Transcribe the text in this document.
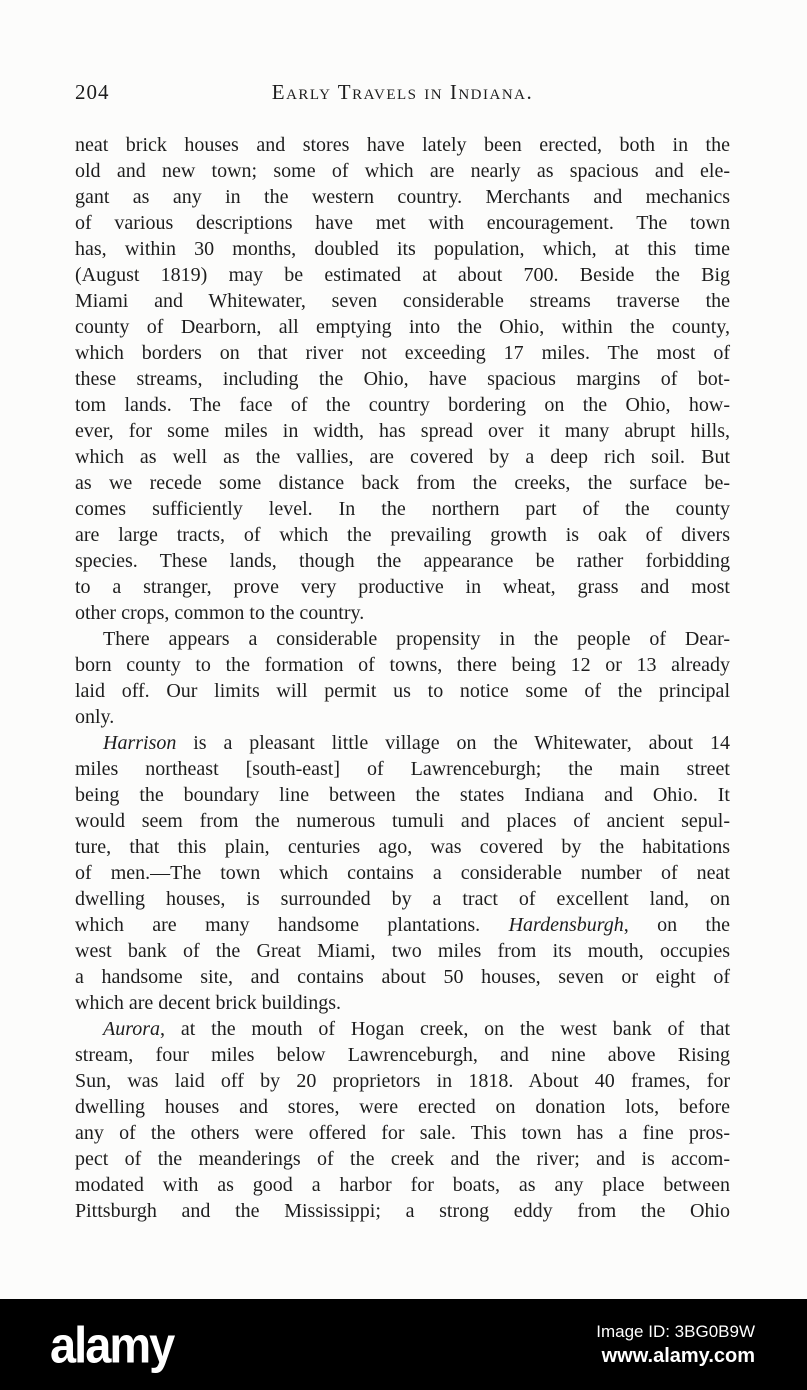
204	Early Travels in Indiana.
neat brick houses and stores have lately been erected, both in the
old and new town; some of which are nearly as spacious and ele-
gant as any in the western country. Merchants and mechanics
of various descriptions have met with encouragement. The town
has, within 30 months, doubled its population, which, at this time
(August 1819) may be estimated at about 700. Beside the Big
Miami and Whitewater, seven considerable streams traverse the
county of Dearborn, all emptying into the Ohio, within the county,
which borders on that river not exceeding 17 miles. The most of
these streams, including the Ohio, have spacious margins of bot-
tom lands. The face of the country bordering on the Ohio, how-
ever, for some miles in width, has spread over it many abrupt hills,
which as well as the vallies, are covered by a deep rich soil. But
as we recede some distance back from the creeks, the surface be-
comes sufficiently level. In the northern part of the county
are large tracts, of which the prevailing growth is oak of divers
species. These lands, though the appearance be rather forbidding
to a stranger, prove very productive in wheat, grass and most
other crops, common to the country.
There appears a considerable propensity in the people of Dear-
born county to the formation of towns, there being 12 or 13 already
laid off. Our limits will permit us to notice some of the principal
only.
Harrison is a pleasant little village on the Whitewater, about 14
miles northeast [south-east] of Lawrenceburgh; the main street
being the boundary line between the states Indiana and Ohio. It
would seem from the numerous tumuli and places of ancient sepul-
ture, that this plain, centuries ago, was covered by the habitations
of men.—The town which contains a considerable number of neat
dwelling houses, is surrounded by a tract of excellent land, on
which are many handsome plantations. Hardensburgh, on the
west bank of the Great Miami, two miles from its mouth, occupies
a handsome site, and contains about 50 houses, seven or eight of
which are decent brick buildings.
Aurora, at the mouth of Hogan creek, on the west bank of that
stream, four miles below Lawrenceburgh, and nine above Rising
Sun, was laid off by 20 proprietors in 1818. About 40 frames, for
dwelling houses and stores, were erected on donation lots, before
any of the others were offered for sale. This town has a fine pros-
pect of the meanderings of the creek and the river; and is accom-
modated with as good a harbor for boats, as any place between
Pittsburgh and the Mississippi; a strong eddy from the Ohio
alamy	Image ID: 3BG0B9W
www.alamy.com
